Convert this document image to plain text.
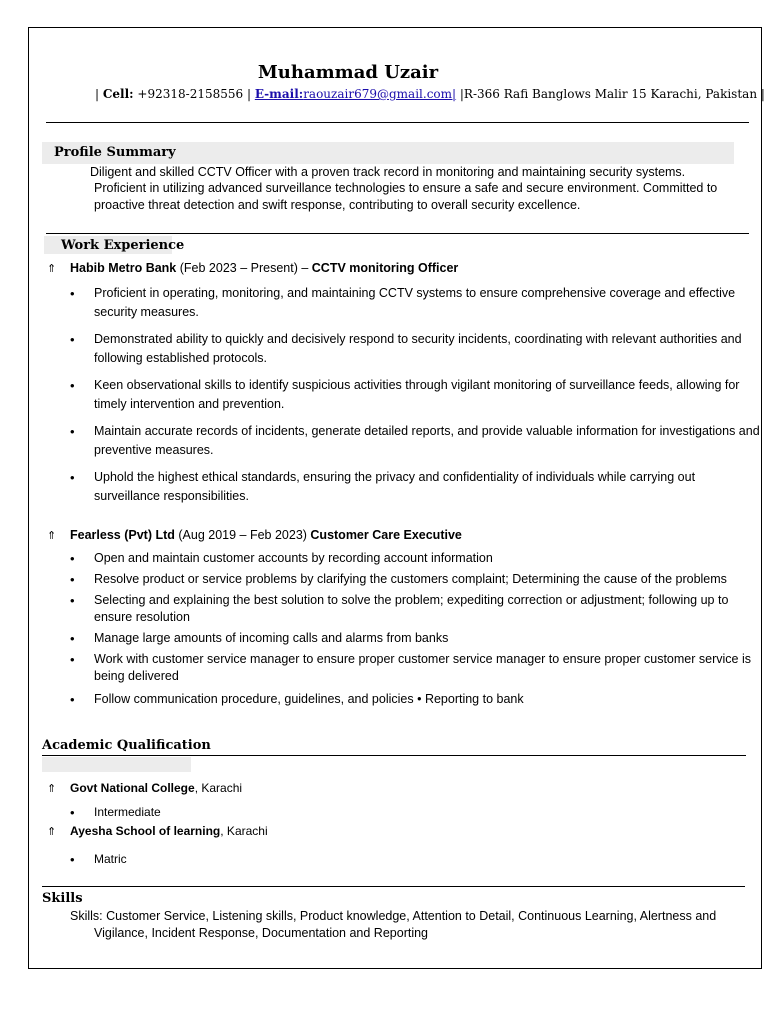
Muhammad Uzair
| Cell: +92318-2158556 | E-mail:raouzair679@gmail.com| |R-366 Rafi Banglows Malir 15 Karachi, Pakistan |
Profile Summary
Diligent and skilled CCTV Officer with a proven track record in monitoring and maintaining security systems.
Proficient in utilizing advanced surveillance technologies to ensure a safe and secure environment. Committed to
proactive threat detection and swift response, contributing to overall security excellence.
Work Experience
⇑ Habib Metro Bank (Feb 2023 – Present) – CCTV monitoring Officer
• Proficient in operating, monitoring, and maintaining CCTV systems to ensure comprehensive coverage and effective security measures.
• Demonstrated ability to quickly and decisively respond to security incidents, coordinating with relevant authorities and following established protocols.
• Keen observational skills to identify suspicious activities through vigilant monitoring of surveillance feeds, allowing for timely intervention and prevention.
• Maintain accurate records of incidents, generate detailed reports, and provide valuable information for investigations and preventive measures.
• Uphold the highest ethical standards, ensuring the privacy and confidentiality of individuals while carrying out surveillance responsibilities.
⇑ Fearless (Pvt) Ltd (Aug 2019 – Feb 2023) Customer Care Executive
• Open and maintain customer accounts by recording account information
• Resolve product or service problems by clarifying the customers complaint; Determining the cause of the problems
• Selecting and explaining the best solution to solve the problem; expediting correction or adjustment; following up to ensure resolution
• Manage large amounts of incoming calls and alarms from banks
• Work with customer service manager to ensure proper customer service manager to ensure proper customer service is being delivered
• Follow communication procedure, guidelines, and policies • Reporting to bank
Academic Qualification
⇑ Govt National College, Karachi
• Intermediate
⇑ Ayesha School of learning, Karachi
• Matric
Skills
Skills: Customer Service, Listening skills, Product knowledge, Attention to Detail, Continuous Learning, Alertness and
Vigilance, Incident Response, Documentation and Reporting
